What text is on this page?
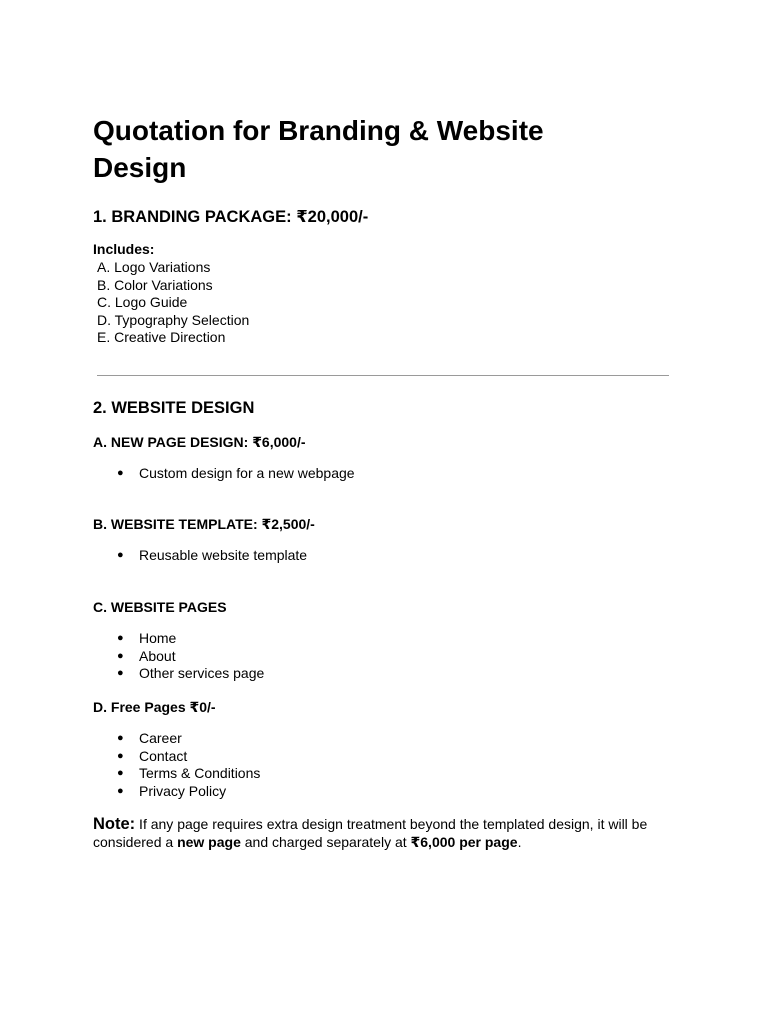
Quotation for Branding & Website Design
1. BRANDING PACKAGE: ₹20,000/-
Includes:
A. Logo Variations
B. Color Variations
C. Logo Guide
D. Typography Selection
E. Creative Direction
2. WEBSITE DESIGN
A. NEW PAGE DESIGN: ₹6,000/-
● Custom design for a new webpage
B. WEBSITE TEMPLATE: ₹2,500/-
● Reusable website template
C. WEBSITE PAGES
● Home
● About
● Other services page
D. Free Pages ₹0/-
● Career
● Contact
● Terms & Conditions
● Privacy Policy
Note: If any page requires extra design treatment beyond the templated design, it will be considered a new page and charged separately at ₹6,000 per page.
